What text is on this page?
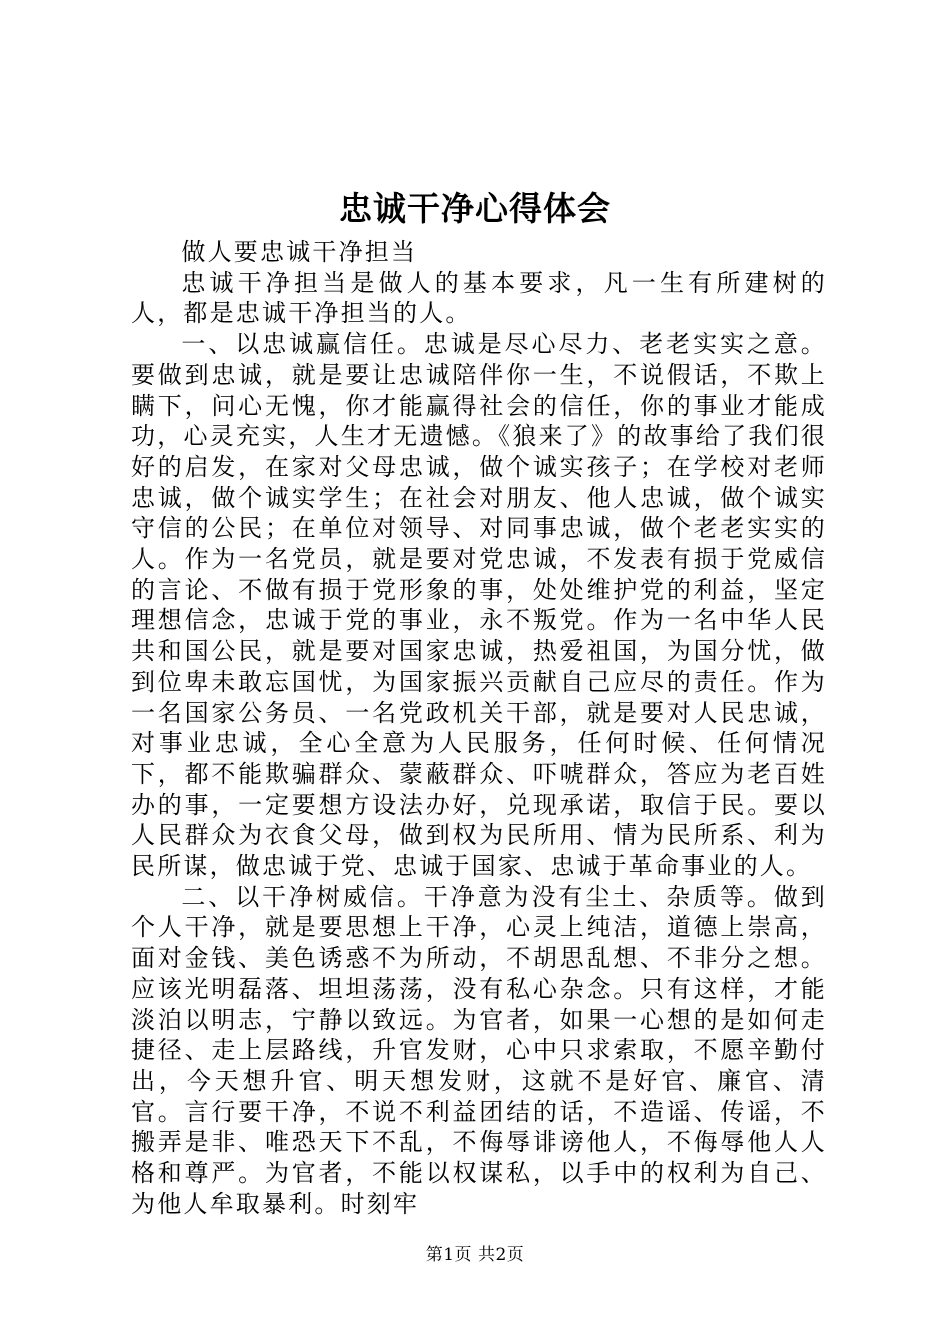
忠诚干净心得体会

做人要忠诚干净担当

忠诚干净担当是做人的基本要求，凡一生有所建树的人，都是忠诚干净担当的人。

一、以忠诚赢信任。忠诚是尽心尽力、老老实实之意。要做到忠诚，就是要让忠诚陪伴你一生，不说假话，不欺上瞒下，问心无愧，你才能赢得社会的信任，你的事业才能成功，心灵充实，人生才无遗憾。《狼来了》的故事给了我们很好的启发，在家对父母忠诚，做个诚实孩子；在学校对老师忠诚，做个诚实学生；在社会对朋友、他人忠诚，做个诚实守信的公民；在单位对领导、对同事忠诚，做个老老实实的人。作为一名党员，就是要对党忠诚，不发表有损于党威信的言论、不做有损于党形象的事，处处维护党的利益，坚定理想信念，忠诚于党的事业，永不叛党。作为一名中华人民共和国公民，就是要对国家忠诚，热爱祖国，为国分忧，做到位卑未敢忘国忧，为国家振兴贡献自己应尽的责任。作为一名国家公务员、一名党政机关干部，就是要对人民忠诚，对事业忠诚，全心全意为人民服务，任何时候、任何情况下，都不能欺骗群众、蒙蔽群众、吓唬群众，答应为老百姓办的事，一定要想方设法办好，兑现承诺，取信于民。要以人民群众为衣食父母，做到权为民所用、情为民所系、利为民所谋，做忠诚于党、忠诚于国家、忠诚于革命事业的人。

二、以干净树威信。干净意为没有尘土、杂质等。做到个人干净，就是要思想上干净，心灵上纯洁，道德上崇高，面对金钱、美色诱惑不为所动，不胡思乱想、不非分之想。应该光明磊落、坦坦荡荡，没有私心杂念。只有这样，才能淡泊以明志，宁静以致远。为官者，如果一心想的是如何走捷径、走上层路线，升官发财，心中只求索取，不愿辛勤付出，今天想升官、明天想发财，这就不是好官、廉官、清官。言行要干净，不说不利益团结的话，不造谣、传谣，不搬弄是非、唯恐天下不乱，不侮辱诽谤他人，不侮辱他人人格和尊严。为官者，不能以权谋私，以手中的权利为自己、为他人牟取暴利。时刻牢

第1页 共2页
